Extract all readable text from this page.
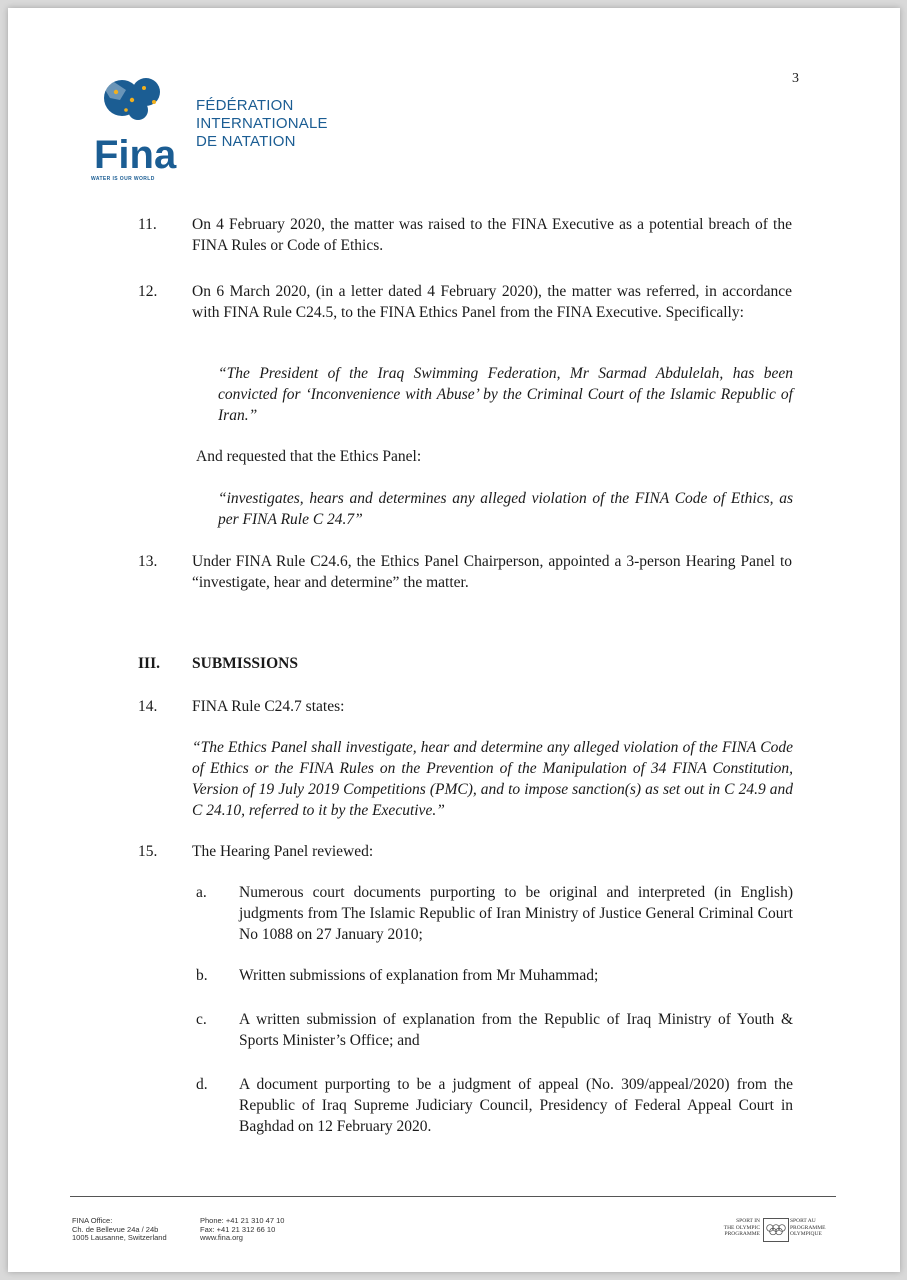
3
Fina
WATER IS OUR WORLD
FÉDÉRATION
INTERNATIONALE
DE NATATION
11. On 4 February 2020, the matter was raised to the FINA Executive as a potential breach of the FINA Rules or Code of Ethics.
12. On 6 March 2020, (in a letter dated 4 February 2020), the matter was referred, in accordance with FINA Rule C24.5, to the FINA Ethics Panel from the FINA Executive. Specifically:
“The President of the Iraq Swimming Federation, Mr Sarmad Abdulelah, has been convicted for ‘Inconvenience with Abuse’ by the Criminal Court of the Islamic Republic of Iran.”
And requested that the Ethics Panel:
“investigates, hears and determines any alleged violation of the FINA Code of Ethics, as per FINA Rule C 24.7”
13. Under FINA Rule C24.6, the Ethics Panel Chairperson, appointed a 3-person Hearing Panel to “investigate, hear and determine” the matter.
III. SUBMISSIONS
14. FINA Rule C24.7 states:
“The Ethics Panel shall investigate, hear and determine any alleged violation of the FINA Code of Ethics or the FINA Rules on the Prevention of the Manipulation of 34 FINA Constitution, Version of 19 July 2019 Competitions (PMC), and to impose sanction(s) as set out in C 24.9 and C 24.10, referred to it by the Executive.”
15. The Hearing Panel reviewed:
a. Numerous court documents purporting to be original and interpreted (in English) judgments from The Islamic Republic of Iran Ministry of Justice General Criminal Court No 1088 on 27 January 2010;
b. Written submissions of explanation from Mr Muhammad;
c. A written submission of explanation from the Republic of Iraq Ministry of Youth & Sports Minister’s Office; and
d. A document purporting to be a judgment of appeal (No. 309/appeal/2020) from the Republic of Iraq Supreme Judiciary Council, Presidency of Federal Appeal Court in Baghdad on 12 February 2020.
FINA Office:
Ch. de Bellevue 24a / 24b
1005 Lausanne, Switzerland
Phone: +41 21 310 47 10
Fax: +41 21 312 66 10
www.fina.org
SPORT IN
THE OLYMPIC
PROGRAMME
SPORT AU
PROGRAMME
OLYMPIQUE
